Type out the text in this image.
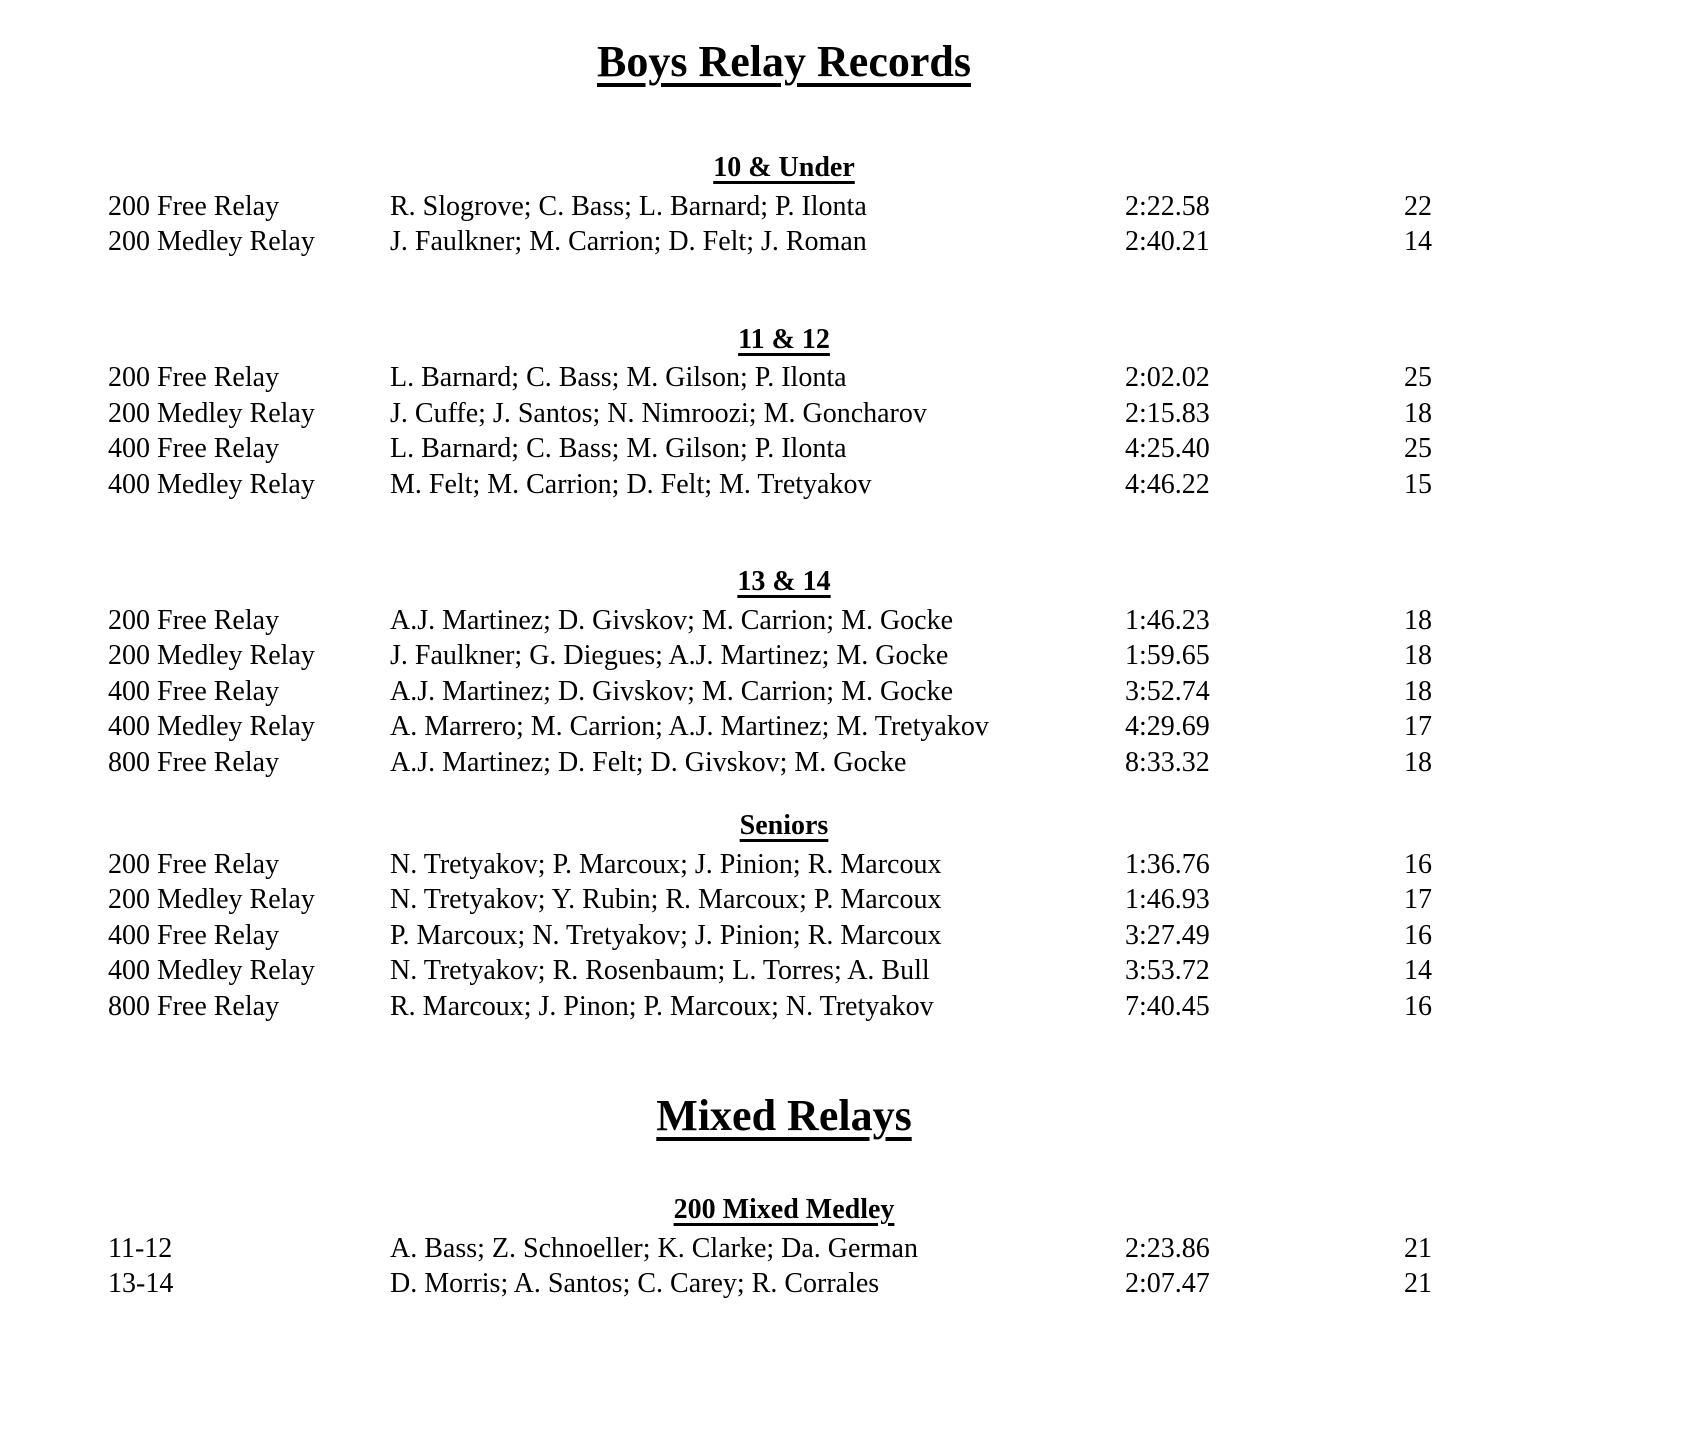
Boys Relay Records
10 & Under
200 Free Relay	R. Slogrove; C. Bass; L. Barnard; P. Ilonta	2:22.58	22
200 Medley Relay	J. Faulkner; M. Carrion; D. Felt; J. Roman	2:40.21	14
11 & 12
200 Free Relay	L. Barnard; C. Bass; M. Gilson; P. Ilonta	2:02.02	25
200 Medley Relay	J. Cuffe; J. Santos; N. Nimroozi; M. Goncharov	2:15.83	18
400 Free Relay	L. Barnard; C. Bass; M. Gilson; P. Ilonta	4:25.40	25
400 Medley Relay	M. Felt; M. Carrion; D. Felt; M. Tretyakov	4:46.22	15
13 & 14
200 Free Relay	A.J. Martinez; D. Givskov; M. Carrion; M. Gocke	1:46.23	18
200 Medley Relay	J. Faulkner; G. Diegues; A.J. Martinez; M. Gocke	1:59.65	18
400 Free Relay	A.J. Martinez; D. Givskov; M. Carrion; M. Gocke	3:52.74	18
400 Medley Relay	A. Marrero; M. Carrion; A.J. Martinez; M. Tretyakov	4:29.69	17
800 Free Relay	A.J. Martinez; D. Felt; D. Givskov; M. Gocke	8:33.32	18
Seniors
200 Free Relay	N. Tretyakov; P. Marcoux; J. Pinion; R. Marcoux	1:36.76	16
200 Medley Relay	N. Tretyakov; Y. Rubin; R. Marcoux; P. Marcoux	1:46.93	17
400 Free Relay	P. Marcoux; N. Tretyakov; J. Pinion; R. Marcoux	3:27.49	16
400 Medley Relay	N. Tretyakov; R. Rosenbaum; L. Torres; A. Bull	3:53.72	14
800 Free Relay	R. Marcoux; J. Pinon; P. Marcoux; N. Tretyakov	7:40.45	16
Mixed Relays
200 Mixed Medley
11-12	A. Bass; Z. Schnoeller; K. Clarke; Da. German	2:23.86	21
13-14	D. Morris; A. Santos; C. Carey; R. Corrales	2:07.47	21
